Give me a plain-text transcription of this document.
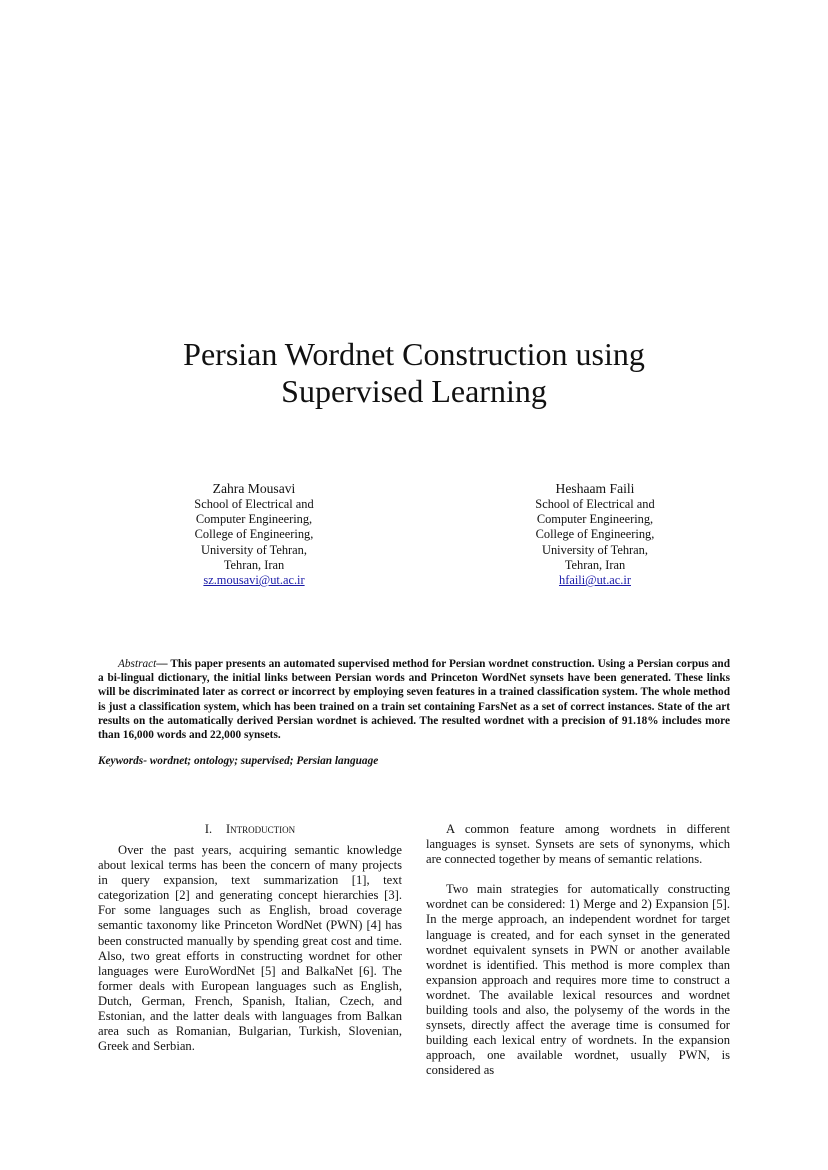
Persian Wordnet Construction using
Supervised Learning
Zahra Mousavi
School of Electrical and
Computer Engineering,
College of Engineering,
University of Tehran,
Tehran, Iran
sz.mousavi@ut.ac.ir
Heshaam Faili
School of Electrical and
Computer Engineering,
College of Engineering,
University of Tehran,
Tehran, Iran
hfaili@ut.ac.ir

Abstract— This paper presents an automated supervised method for Persian wordnet construction. Using a Persian corpus and a bi-lingual dictionary, the initial links between Persian words and Princeton WordNet synsets have been generated. These links will be discriminated later as correct or incorrect by employing seven features in a trained classification system. The whole method is just a classification system, which has been trained on a train set containing FarsNet as a set of correct instances. State of the art results on the automatically derived Persian wordnet is achieved. The resulted wordnet with a precision of 91.18% includes more than 16,000 words and 22,000 synsets.

Keywords- wordnet; ontology; supervised; Persian language

I. Introduction

Over the past years, acquiring semantic knowledge about lexical terms has been the concern of many projects in query expansion, text summarization [1], text categorization [2] and generating concept hierarchies [3]. For some languages such as English, broad coverage semantic taxonomy like Princeton WordNet (PWN) [4] has been constructed manually by spending great cost and time. Also, two great efforts in constructing wordnet for other languages were EuroWordNet [5] and BalkaNet [6]. The former deals with European languages such as English, Dutch, German, French, Spanish, Italian, Czech, and Estonian, and the latter deals with languages from Balkan area such as Romanian, Bulgarian, Turkish, Slovenian, Greek and Serbian.

A common feature among wordnets in different languages is synset. Synsets are sets of synonyms, which are connected together by means of semantic relations.

Two main strategies for automatically constructing wordnet can be considered: 1) Merge and 2) Expansion [5]. In the merge approach, an independent wordnet for target language is created, and for each synset in the generated wordnet equivalent synsets in PWN or another available wordnet is identified. This method is more complex than expansion approach and requires more time to construct a wordnet. The available lexical resources and wordnet building tools and also, the polysemy of the words in the synsets, directly affect the average time is consumed for building each lexical entry of wordnets. In the expansion approach, one available wordnet, usually PWN, is considered as
